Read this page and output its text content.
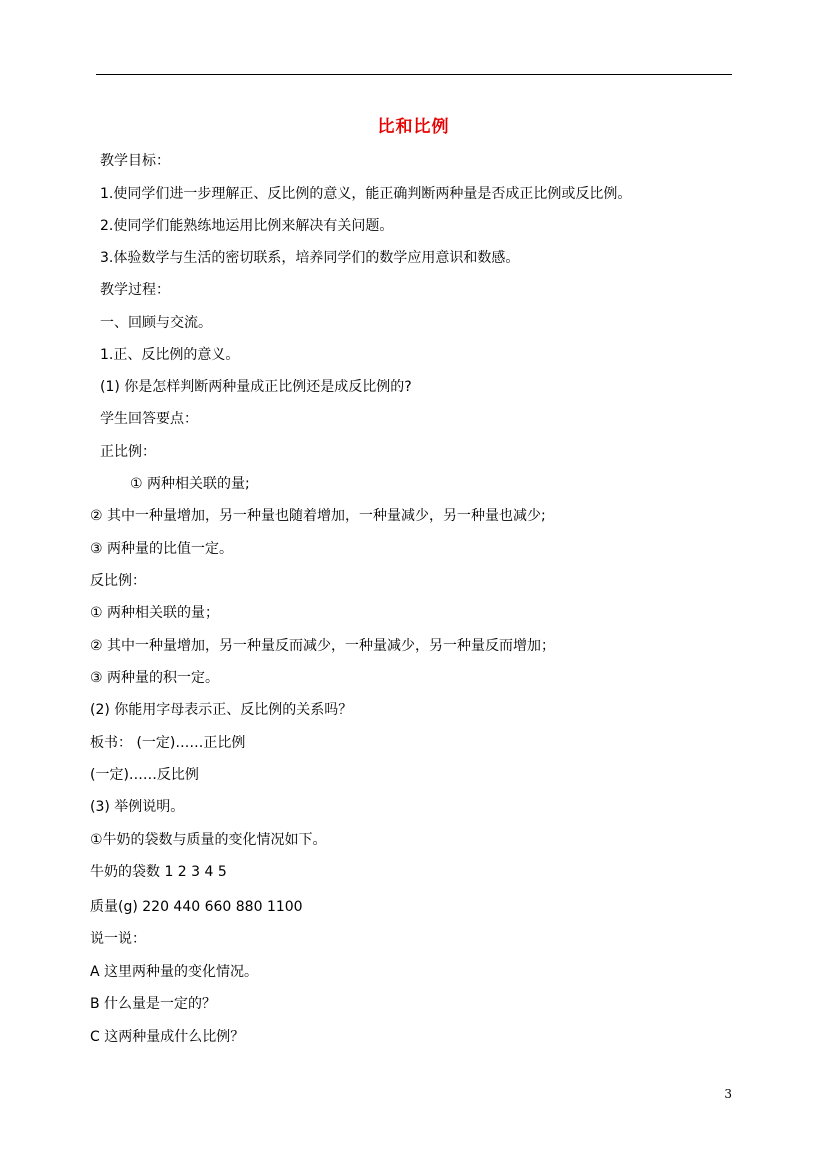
比和比例
教学目标：
1.使同学们进一步理解正、反比例的意义，能正确判断两种量是否成正比例或反比例。
2.使同学们能熟练地运用比例来解决有关问题。
3.体验数学与生活的密切联系，培养同学们的数学应用意识和数感。
教学过程：
一、回顾与交流。
1.正、反比例的意义。
(1) 你是怎样判断两种量成正比例还是成反比例的?
学生回答要点：
正比例：
① 两种相关联的量;
② 其中一种量增加，另一种量也随着增加，一种量减少，另一种量也减少;
③ 两种量的比值一定。
反比例：
① 两种相关联的量；
② 其中一种量增加，另一种量反而减少，一种量减少，另一种量反而增加；
③ 两种量的积一定。
(2) 你能用字母表示正、反比例的关系吗？
板书： (一定)……正比例
(一定)……反比例
(3) 举例说明。
①牛奶的袋数与质量的变化情况如下。
牛奶的袋数 1 2 3 4 5
质量(g) 220 440 660 880 1100
说一说：
A 这里两种量的变化情况。
B 什么量是一定的？
C 这两种量成什么比例？
3
